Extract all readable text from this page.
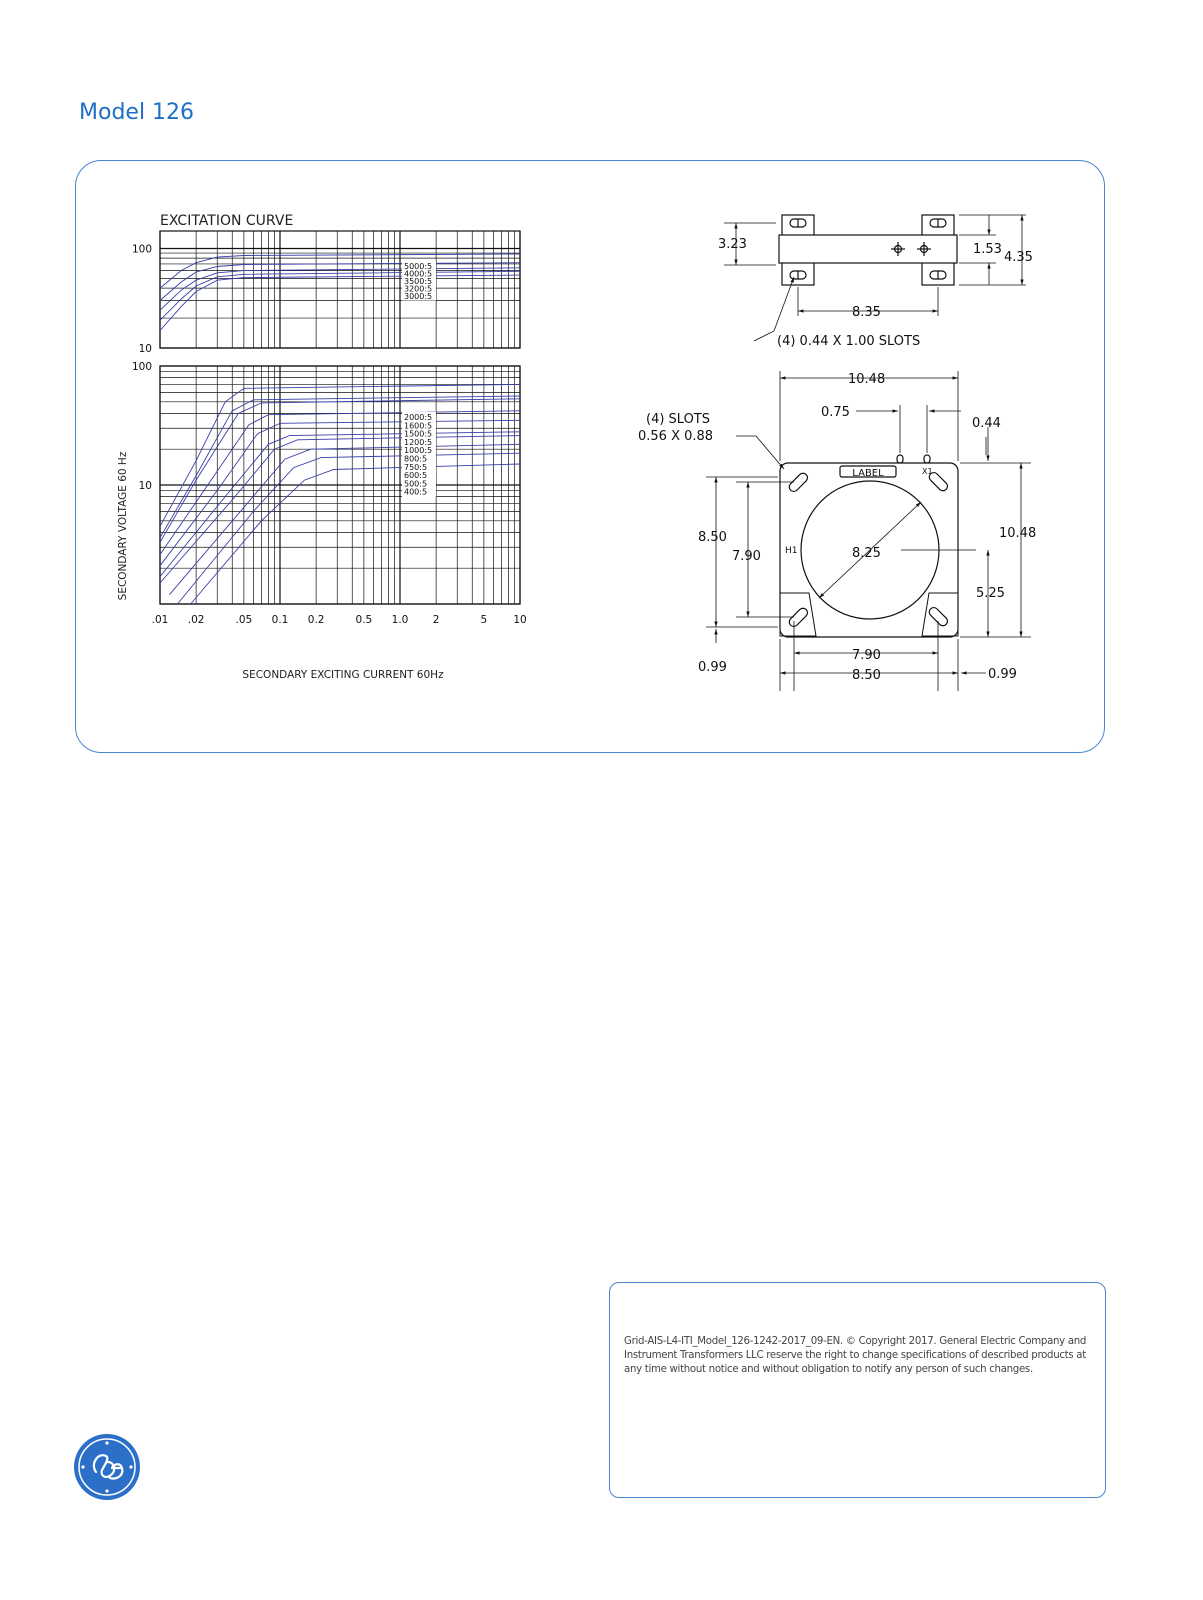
Model 126
EXCITATION CURVE
5000:5
4000:5
3500:5
3200:5
3000:5
2000:5
1600:5
1500:5
1200:5
1000:5
800:5
750:5
600:5
500:5
400:5
.01 .02	.05 0.1 0.2	0.5 1.0 2	5 10
100
10
100
10
SECONDARY VOLTAGE 60 Hz
SECONDARY EXCITING CURRENT 60Hz
3.23	1.53
4.35
8.35
(4) 0.44 X 1.00 SLOTS
10.48
0.75
0.44
(4) SLOTS
0.56 X 0.88
LABEL	X1
H1
8.50
7.90	8.25
10.48
5.25
7.90
8.50
0.99	0.99
Grid-AIS-L4-ITI_Model_126-1242-2017_09-EN. © Copyright 2017. General Electric Company and Instrument Transformers LLC reserve the right to change specifications of described products at any time without notice and without obligation to notify any person of such changes.
